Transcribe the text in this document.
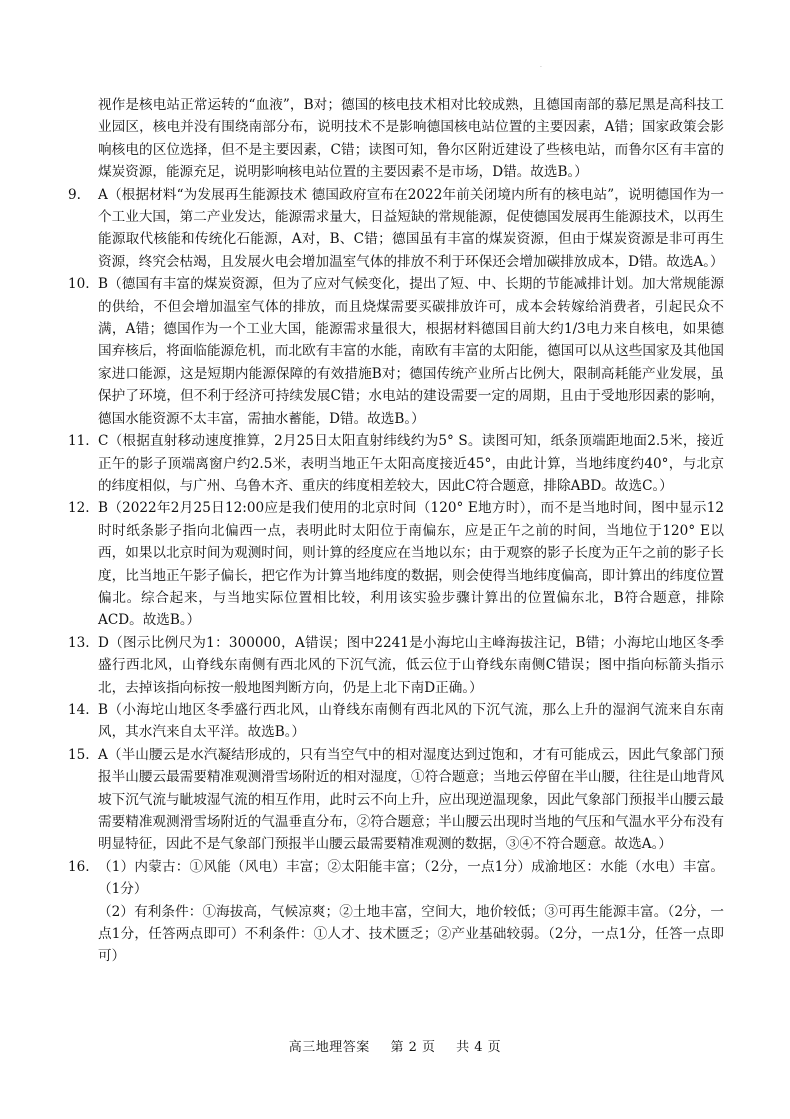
·

视作是核电站正常运转的“血液”，B对；德国的核电技术相对比较成熟，且德国南部的慕尼黑是高科技工业园区，核电并没有围绕南部分布，说明技术不是影响德国核电站位置的主要因素，A错；国家政策会影响核电的区位选择，但不是主要因素，C错；读图可知，鲁尔区附近建设了些核电站，而鲁尔区有丰富的煤炭资源，能源充足，说明影响核电站位置的主要因素不是市场，D错。故选B。）

9.	A（根据材料“为发展再生能源技术 德国政府宣布在2022年前关闭境内所有的核电站”，说明德国作为一个工业大国，第二产业发达，能源需求量大，日益短缺的常规能源，促使德国发展再生能源技术，以再生能源取代核能和传统化石能源，A对，B、C错；德国虽有丰富的煤炭资源，但由于煤炭资源是非可再生资源，终究会枯竭，且发展火电会增加温室气体的排放不利于环保还会增加碳排放成本，D错。故选A。）
10. B（德国有丰富的煤炭资源，但为了应对气候变化，提出了短、中、长期的节能减排计划。加大常规能源的供给，不但会增加温室气体的排放，而且烧煤需要买碳排放许可，成本会转嫁给消费者，引起民众不满，A错；德国作为一个工业大国，能源需求量很大，根据材料德国目前大约1/3电力来自核电，如果德国弃核后，将面临能源危机，而北欧有丰富的水能，南欧有丰富的太阳能，德国可以从这些国家及其他国家进口能源，这是短期内能源保障的有效措施B对；德国传统产业所占比例大，限制高耗能产业发展，虽保护了环境，但不利于经济可持续发展C错；水电站的建设需要一定的周期，且由于受地形因素的影响，德国水能资源不太丰富，需抽水蓄能，D错。故选B。）
11. C（根据直射移动速度推算，2月25日太阳直射纬线约为5° S。读图可知，纸条顶端距地面2.5米，接近正午的影子顶端离窗户约2.5米，表明当地正午太阳高度接近45°，由此计算，当地纬度约40°，与北京的纬度相似，与广州、乌鲁木齐、重庆的纬度相差较大，因此C符合题意，排除ABD。故选C。）
12. B（2022年2月25日12:00应是我们使用的北京时间（120° E地方时），而不是当地时间，图中显示12时时纸条影子指向北偏西一点，表明此时太阳位于南偏东，应是正午之前的时间，当地位于120° E以西，如果以北京时间为观测时间，则计算的经度应在当地以东；由于观察的影子长度为正午之前的影子长度，比当地正午影子偏长，把它作为计算当地纬度的数据，则会使得当地纬度偏高，即计算出的纬度位置偏北。综合起来，与当地实际位置相比较，利用该实验步骤计算出的位置偏东北，B符合题意，排除ACD。故选B。）
13. D（图示比例尺为1：300000，A错误；图中2241是小海坨山主峰海拔注记，B错；小海坨山地区冬季盛行西北风，山脊线东南侧有西北风的下沉气流，低云位于山脊线东南侧C错误；图中指向标箭头指示北，去掉该指向标按一般地图判断方向，仍是上北下南D正确。）
14. B（小海坨山地区冬季盛行西北风，山脊线东南侧有西北风的下沉气流，那么上升的湿润气流来自东南风，其水汽来自太平洋。故选B。）
15. A（半山腰云是水汽凝结形成的，只有当空气中的相对湿度达到过饱和，才有可能成云，因此气象部门预报半山腰云最需要精准观测滑雪场附近的相对湿度，①符合题意；当地云停留在半山腰，往往是山地背风坡下沉气流与眦坡湿气流的相互作用，此时云不向上升，应出现逆温现象，因此气象部门预报半山腰云最需要精准观测滑雪场附近的气温垂直分布，②符合题意；半山腰云出现时当地的气压和气温水平分布没有明显特征，因此不是气象部门预报半山腰云最需要精准观测的数据，③④不符合题意。故选A。）
16. （1）内蒙古：①风能（风电）丰富；②太阳能丰富；（2分，一点1分）成渝地区：水能（水电）丰富。（1分）

（2）有利条件：①海拔高，气候凉爽；②土地丰富，空间大，地价较低；③可再生能源丰富。（2分，一点1分，任答两点即可）不利条件：①人才、技术匮乏；②产业基础较弱。（2分，一点1分，任答一点即可）

高三地理答案 第 2 页 共 4 页
